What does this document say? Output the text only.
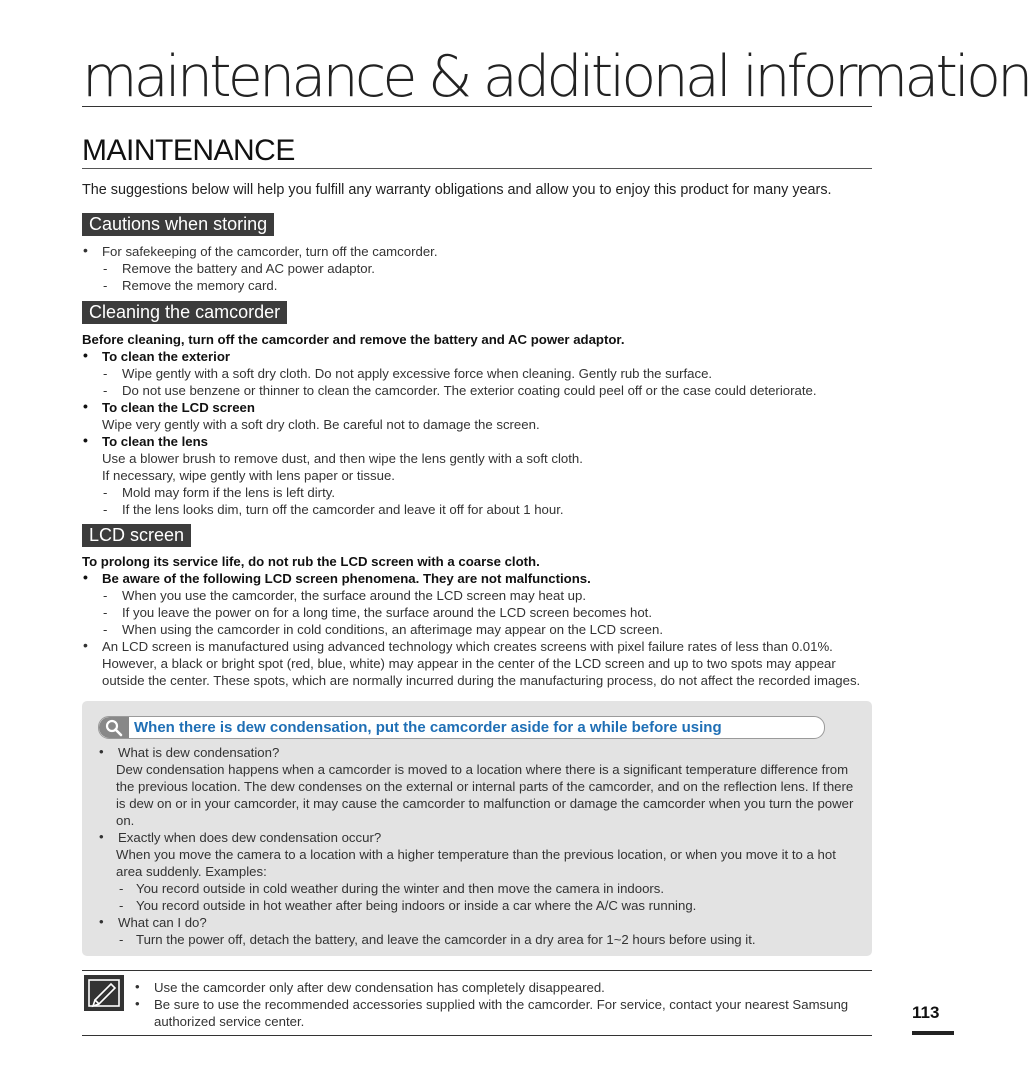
maintenance & additional information
MAINTENANCE
The suggestions below will help you fulfill any warranty obligations and allow you to enjoy this product for many years.
Cautions when storing
• For safekeeping of the camcorder, turn off the camcorder.
- Remove the battery and AC power adaptor.
- Remove the memory card.
Cleaning the camcorder
Before cleaning, turn off the camcorder and remove the battery and AC power adaptor.
• To clean the exterior
- Wipe gently with a soft dry cloth. Do not apply excessive force when cleaning. Gently rub the surface.
- Do not use benzene or thinner to clean the camcorder. The exterior coating could peel off or the case could deteriorate.
• To clean the LCD screen
Wipe very gently with a soft dry cloth. Be careful not to damage the screen.
• To clean the lens
Use a blower brush to remove dust, and then wipe the lens gently with a soft cloth.
If necessary, wipe gently with lens paper or tissue.
- Mold may form if the lens is left dirty.
- If the lens looks dim, turn off the camcorder and leave it off for about 1 hour.
LCD screen
To prolong its service life, do not rub the LCD screen with a coarse cloth.
• Be aware of the following LCD screen phenomena. They are not malfunctions.
- When you use the camcorder, the surface around the LCD screen may heat up.
- If you leave the power on for a long time, the surface around the LCD screen becomes hot.
- When using the camcorder in cold conditions, an afterimage may appear on the LCD screen.
• An LCD screen is manufactured using advanced technology which creates screens with pixel failure rates of less than 0.01%. However, a black or bright spot (red, blue, white) may appear in the center of the LCD screen and up to two spots may appear outside the center. These spots, which are normally incurred during the manufacturing process, do not affect the recorded images.
When there is dew condensation, put the camcorder aside for a while before using
• What is dew condensation?
Dew condensation happens when a camcorder is moved to a location where there is a significant temperature difference from the previous location. The dew condenses on the external or internal parts of the camcorder, and on the reflection lens. If there is dew on or in your camcorder, it may cause the camcorder to malfunction or damage the camcorder when you turn the power on.
• Exactly when does dew condensation occur?
When you move the camera to a location with a higher temperature than the previous location, or when you move it to a hot area suddenly. Examples:
- You record outside in cold weather during the winter and then move the camera in indoors.
- You record outside in hot weather after being indoors or inside a car where the A/C was running.
• What can I do?
- Turn the power off, detach the battery, and leave the camcorder in a dry area for 1~2 hours before using it.
• Use the camcorder only after dew condensation has completely disappeared.
• Be sure to use the recommended accessories supplied with the camcorder. For service, contact your nearest Samsung authorized service center.	113
